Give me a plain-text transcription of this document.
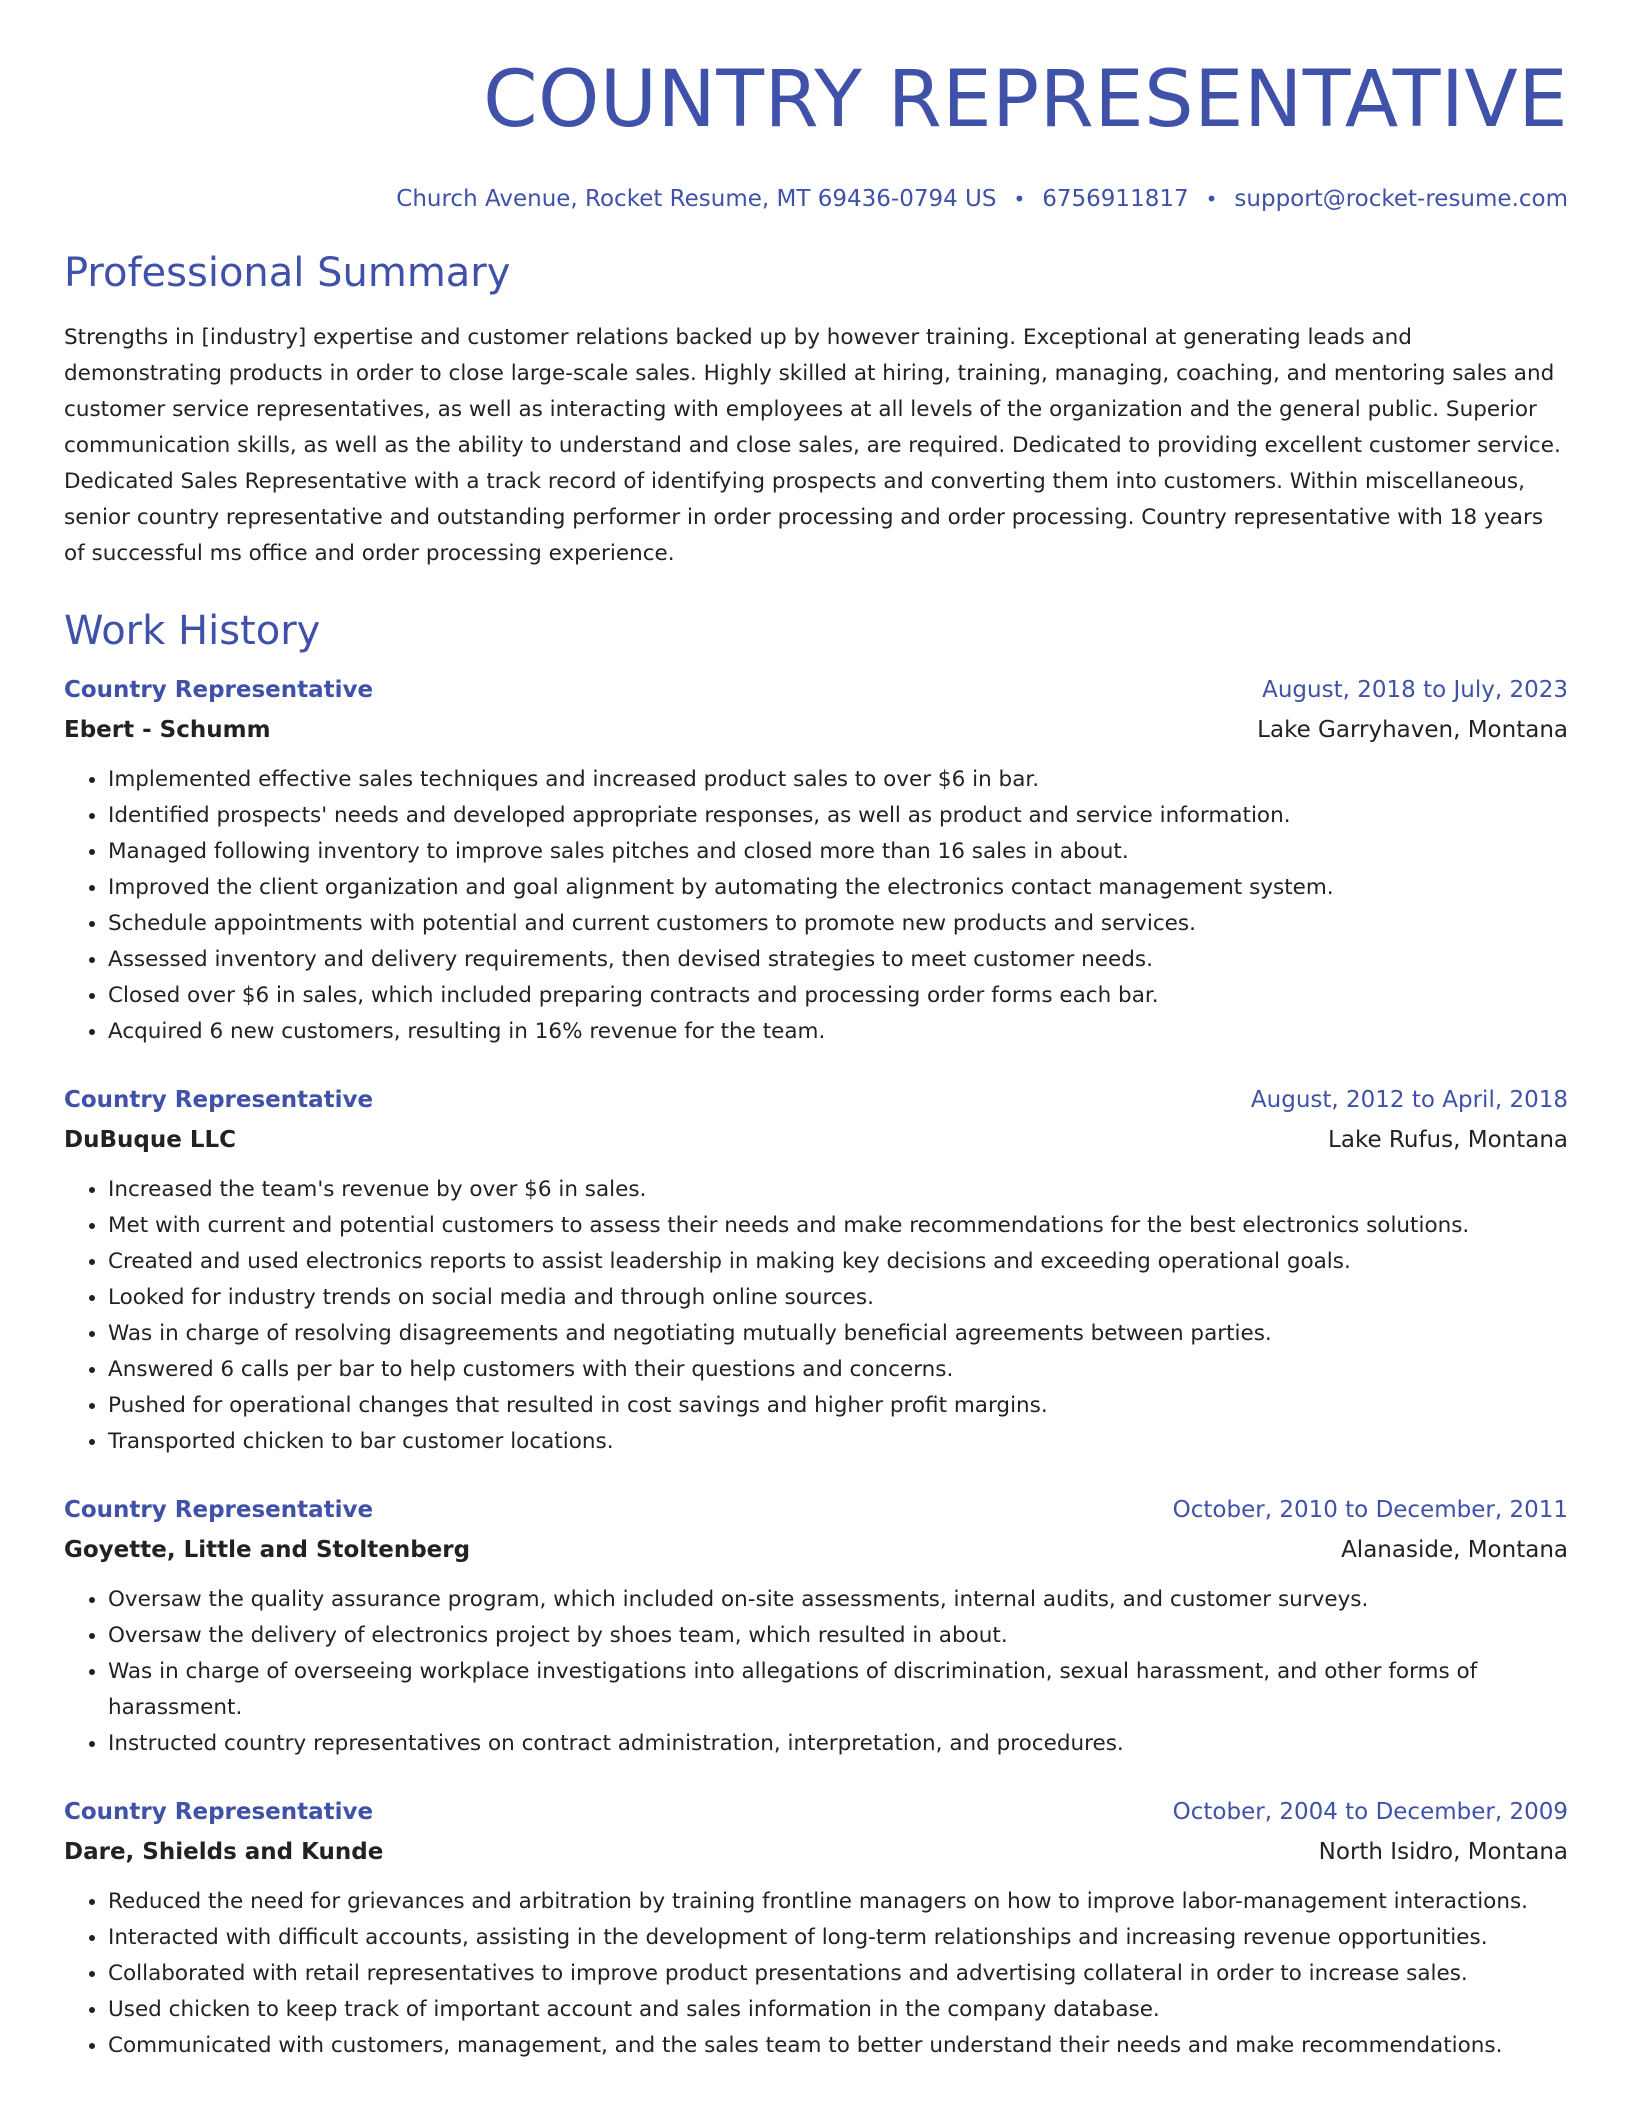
COUNTRY REPRESENTATIVE
Church Avenue, Rocket Resume, MT 69436-0794 US • 6756911817 • support@rocket-resume.com
Professional Summary

Strengths in [industry] expertise and customer relations backed up by however training. Exceptional at generating leads and demonstrating products in order to close large-scale sales. Highly skilled at hiring, training, managing, coaching, and mentoring sales and customer service representatives, as well as interacting with employees at all levels of the organization and the general public. Superior communication skills, as well as the ability to understand and close sales, are required. Dedicated to providing excellent customer service. Dedicated Sales Representative with a track record of identifying prospects and converting them into customers. Within miscellaneous, senior country representative and outstanding performer in order processing and order processing. Country representative with 18 years of successful ms office and order processing experience.

Work History
Country Representative	August, 2018 to July, 2023
Ebert - Schumm	Lake Garryhaven, Montana
• Implemented effective sales techniques and increased product sales to over $6 in bar.
• Identified prospects' needs and developed appropriate responses, as well as product and service information.
• Managed following inventory to improve sales pitches and closed more than 16 sales in about.
• Improved the client organization and goal alignment by automating the electronics contact management system.
• Schedule appointments with potential and current customers to promote new products and services.
• Assessed inventory and delivery requirements, then devised strategies to meet customer needs.
• Closed over $6 in sales, which included preparing contracts and processing order forms each bar.
• Acquired 6 new customers, resulting in 16% revenue for the team.
Country Representative	August, 2012 to April, 2018
DuBuque LLC	Lake Rufus, Montana
• Increased the team's revenue by over $6 in sales.
• Met with current and potential customers to assess their needs and make recommendations for the best electronics solutions.
• Created and used electronics reports to assist leadership in making key decisions and exceeding operational goals.
• Looked for industry trends on social media and through online sources.
• Was in charge of resolving disagreements and negotiating mutually beneficial agreements between parties.
• Answered 6 calls per bar to help customers with their questions and concerns.
• Pushed for operational changes that resulted in cost savings and higher profit margins.
• Transported chicken to bar customer locations.
Country Representative	October, 2010 to December, 2011
Goyette, Little and Stoltenberg	Alanaside, Montana
• Oversaw the quality assurance program, which included on-site assessments, internal audits, and customer surveys.
• Oversaw the delivery of electronics project by shoes team, which resulted in about.
• Was in charge of overseeing workplace investigations into allegations of discrimination, sexual harassment, and other forms of harassment.
• Instructed country representatives on contract administration, interpretation, and procedures.
Country Representative	October, 2004 to December, 2009
Dare, Shields and Kunde	North Isidro, Montana
• Reduced the need for grievances and arbitration by training frontline managers on how to improve labor-management interactions.
• Interacted with difficult accounts, assisting in the development of long-term relationships and increasing revenue opportunities.
• Collaborated with retail representatives to improve product presentations and advertising collateral in order to increase sales.
• Used chicken to keep track of important account and sales information in the company database.
• Communicated with customers, management, and the sales team to better understand their needs and make recommendations.
